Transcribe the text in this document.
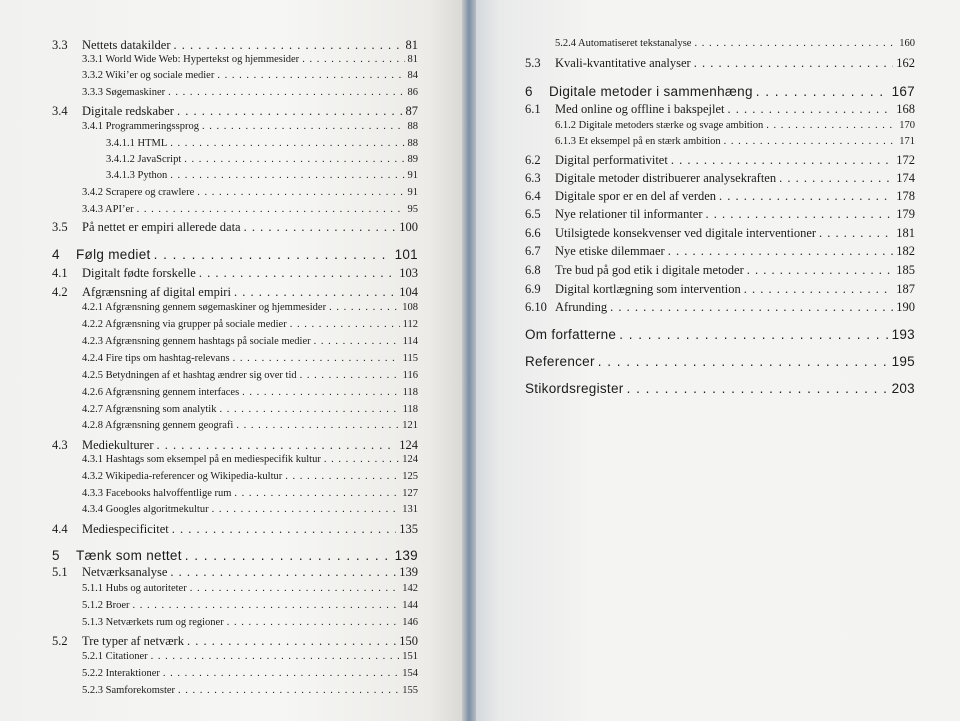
3.3	Nettets datakilder . . .	81
3.3.1 World Wide Web: Hypertekst og hjemmesider . . .	81
3.3.2 Wiki’er og sociale medier . . .	84
3.3.3 Søgemaskiner . . .	86
3.4	Digitale redskaber . . .	87
3.4.1 Programmeringssprog . . .	88
3.4.1.1 HTML . . .	88
3.4.1.2 JavaScript . . .	89
3.4.1.3 Python . . .	91
3.4.2 Scrapere og crawlere . . .	91
3.4.3 API’er . . .	95
3.5	På nettet er empiri allerede data . . .	100
4	Følg mediet . . .	101
4.1	Digitalt fødte forskelle . . .	103
4.2	Afgrænsning af digital empiri . . .	104
4.2.1 Afgrænsning gennem søgemaskiner og hjemmesider . . .	108
4.2.2 Afgrænsning via grupper på sociale medier . . .	112
4.2.3 Afgrænsning gennem hashtags på sociale medier . . .	114
4.2.4 Fire tips om hashtag-relevans . . .	115
4.2.5 Betydningen af et hashtag ændrer sig over tid . . .	116
4.2.6 Afgrænsning gennem interfaces . . .	118
4.2.7 Afgrænsning som analytik . . .	118
4.2.8 Afgrænsning gennem geografi . . .	121
4.3	Mediekulturer . . .	124
4.3.1 Hashtags som eksempel på en mediespecifik kultur . . .	124
4.3.2 Wikipedia-referencer og Wikipedia-kultur . . .	125
4.3.3 Facebooks halvoffentlige rum . . .	127
4.3.4 Googles algoritmekultur . . .	131
4.4	Mediespecificitet . . .	135
5	Tænk som nettet . . .	139
5.1	Netværksanalyse . . .	139
5.1.1 Hubs og autoriteter . . .	142
5.1.2 Broer . . .	144
5.1.3 Netværkets rum og regioner . . .	146
5.2	Tre typer af netværk . . .	150
5.2.1 Citationer . . .	151
5.2.2 Interaktioner . . .	154
5.2.3 Samforekomster . . .	155
5.2.4 Automatiseret tekstanalyse . . .	160
5.3	Kvali-kvantitative analyser . . .	162
6	Digitale metoder i sammenhæng . . .	167
6.1	Med online og offline i bakspejlet . . .	168
6.1.2 Digitale metoders stærke og svage ambition . . .	170
6.1.3 Et eksempel på en stærk ambition . . .	171
6.2	Digital performativitet . . .	172
6.3	Digitale metoder distribuerer analysekraften . . .	174
6.4	Digitale spor er en del af verden . . .	178
6.5	Nye relationer til informanter . . .	179
6.6	Utilsigtede konsekvenser ved digitale interventioner . . .	181
6.7	Nye etiske dilemmaer . . .	182
6.8	Tre bud på god etik i digitale metoder . . .	185
6.9	Digital kortlægning som intervention . . .	187
6.10 Afrunding . . .	190
Om forfatterne . . .	193
Referencer . . .	195
Stikordsregister . . .	203
